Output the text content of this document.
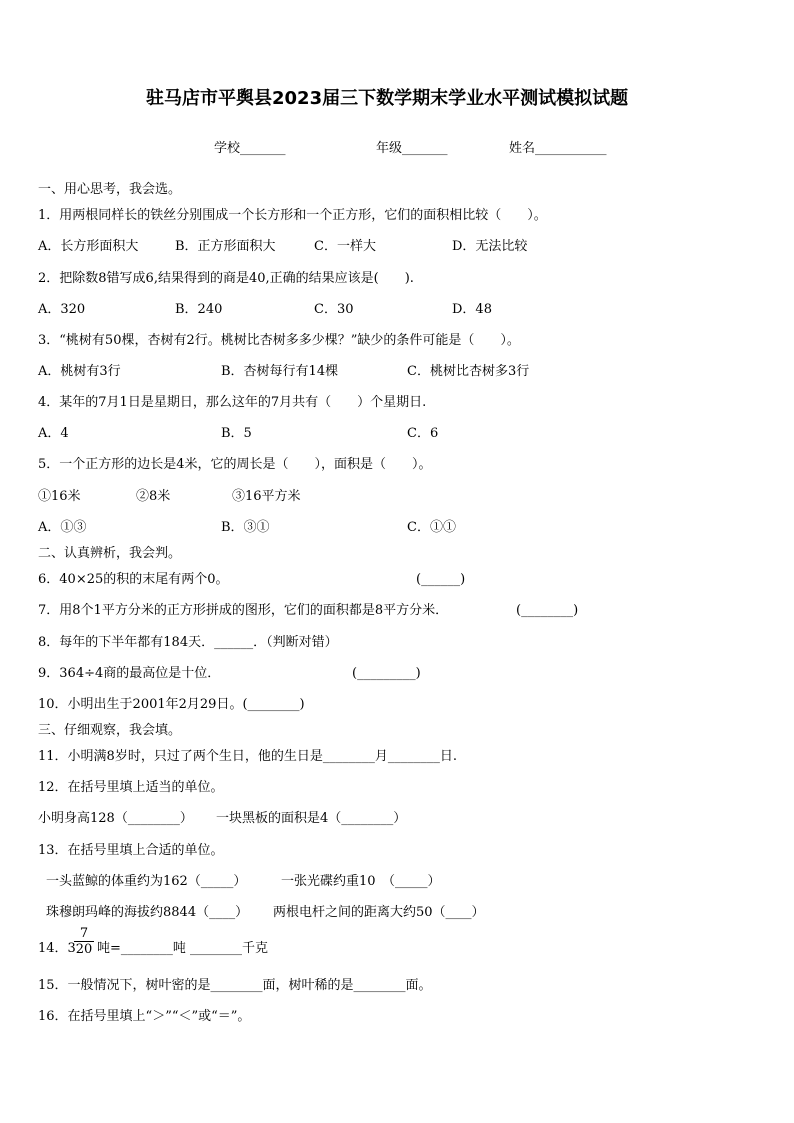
驻马店市平舆县2023届三下数学期末学业水平测试模拟试题
学校_______	年级_______	姓名___________
一、用心思考，我会选。
1．用两根同样长的铁丝分别围成一个长方形和一个正方形，它们的面积相比较（　　）。
A．长方形面积大	B．正方形面积大	C．一样大	D．无法比较
2．把除数8错写成6,结果得到的商是40,正确的结果应该是(　　).
A．320	B．240	C．30	D．48
3．“桃树有50棵，杏树有2行。桃树比杏树多多少棵？”缺少的条件可能是（　　）。
A．桃树有3行	B．杏树每行有14棵	C．桃树比杏树多3行
4．某年的7月1日是星期日，那么这年的7月共有（　　）个星期日.
A．4	B．5	C．6
5．一个正方形的边长是4米，它的周长是（　　），面积是（　　）。
①16米	②8米	③16平方米
A．①③	B．③①	C．①①
二、认真辨析，我会判。
6．40×25的积的末尾有两个0。	(______)
7．用8个1平方分米的正方形拼成的图形，它们的面积都是8平方分米．	(________)
8．每年的下半年都有184天．______．（判断对错）
9．364÷4商的最高位是十位．	(_________)
10．小明出生于2001年2月29日。(________)
三、仔细观察，我会填。
11．小明满8岁时，只过了两个生日，他的生日是________月________日.
12．在括号里填上适当的单位。
小明身高128（________） 一块黑板的面积是4（________）
13．在括号里填上合适的单位。
一头蓝鲸的体重约为162（_____）	一张光碟约重10　（_____）
珠穆朗玛峰的海拔约8844（____） 两根电杆之间的距离大约50（____）
14．3
$\frac{7}{20}$ 吨=________吨 ________千克
15．一般情况下，树叶密的是________面，树叶稀的是________面。
16．在括号里填上“＞”“＜”或“＝”。
